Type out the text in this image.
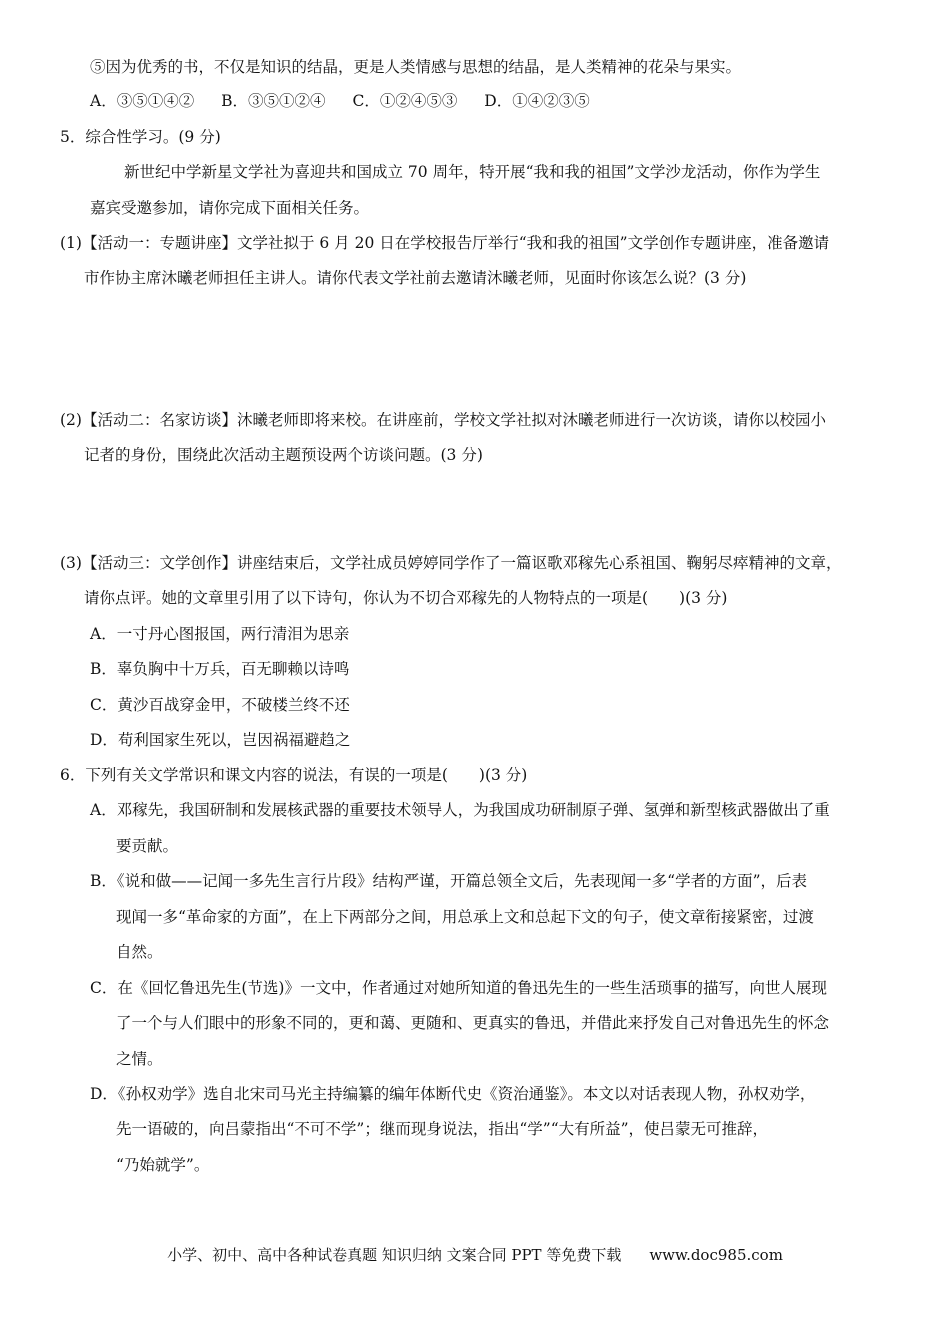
⑤因为优秀的书，不仅是知识的结晶，更是人类情感与思想的结晶，是人类精神的花朵与果实。
A．③⑤①④② B．③⑤①②④ C．①②④⑤③ D．①④②③⑤
5．综合性学习。(9 分)
新世纪中学新星文学社为喜迎共和国成立 70 周年，特开展“我和我的祖国”文学沙龙活动，你作为学生
嘉宾受邀参加，请你完成下面相关任务。
(1)【活动一：专题讲座】文学社拟于 6 月 20 日在学校报告厅举行“我和我的祖国”文学创作专题讲座，准备邀请
市作协主席沐曦老师担任主讲人。请你代表文学社前去邀请沐曦老师，见面时你该怎么说？(3 分)
(2)【活动二：名家访谈】沐曦老师即将来校。在讲座前，学校文学社拟对沐曦老师进行一次访谈，请你以校园小
记者的身份，围绕此次活动主题预设两个访谈问题。(3 分)
(3)【活动三：文学创作】讲座结束后，文学社成员婷婷同学作了一篇讴歌邓稼先心系祖国、鞠躬尽瘁精神的文章，
请你点评。她的文章里引用了以下诗句，你认为不切合邓稼先的人物特点的一项是(　　)(3 分)
A．一寸丹心图报国，两行清泪为思亲
B．辜负胸中十万兵，百无聊赖以诗鸣
C．黄沙百战穿金甲，不破楼兰终不还
D．苟利国家生死以，岂因祸福避趋之
6．下列有关文学常识和课文内容的说法，有误的一项是(　　)(3 分)
A．邓稼先，我国研制和发展核武器的重要技术领导人，为我国成功研制原子弹、氢弹和新型核武器做出了重
要贡献。
B．《说和做——记闻一多先生言行片段》结构严谨，开篇总领全文后，先表现闻一多“学者的方面”，后表
现闻一多“革命家的方面”，在上下两部分之间，用总承上文和总起下文的句子，使文章衔接紧密，过渡
自然。
C．在《回忆鲁迅先生(节选)》一文中，作者通过对她所知道的鲁迅先生的一些生活琐事的描写，向世人展现
了一个与人们眼中的形象不同的，更和蔼、更随和、更真实的鲁迅，并借此来抒发自己对鲁迅先生的怀念
之情。
D．《孙权劝学》选自北宋司马光主持编纂的编年体断代史《资治通鉴》。本文以对话表现人物，孙权劝学，
先一语破的，向吕蒙指出“不可不学”；继而现身说法，指出“学”“大有所益”，使吕蒙无可推辞，
“乃始就学”。
小学、初中、高中各种试卷真题 知识归纳 文案合同 PPT 等免费下载 www.doc985.com
